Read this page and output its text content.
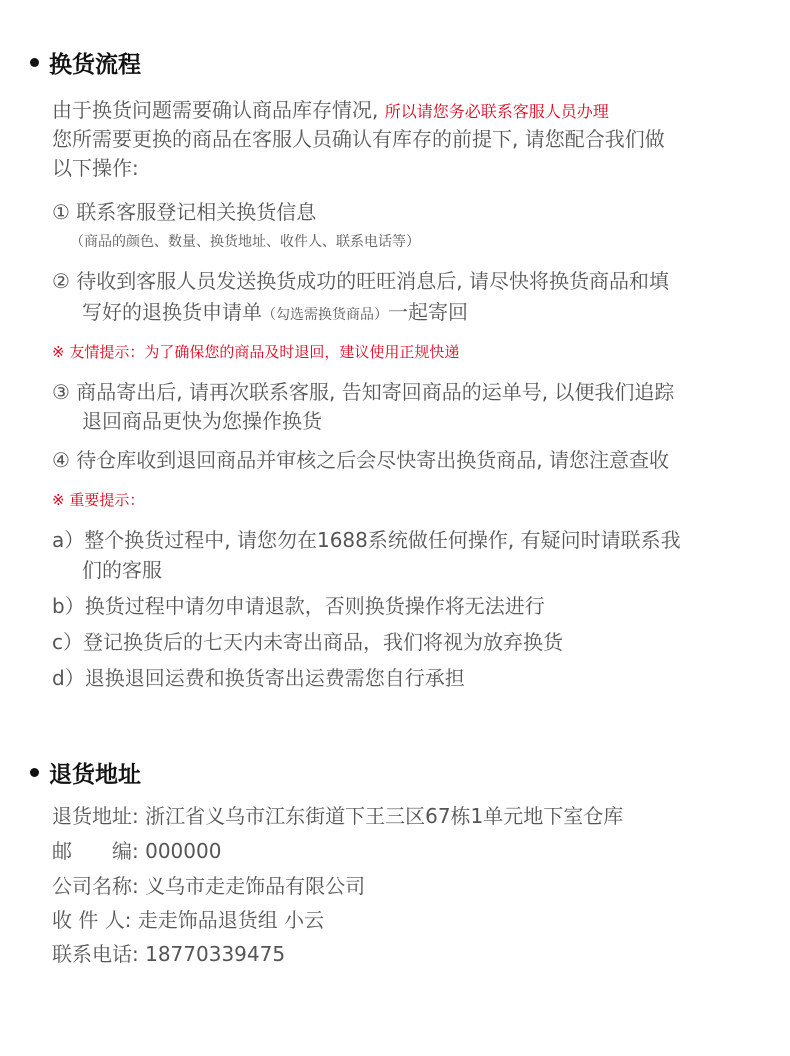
换货流程
由于换货问题需要确认商品库存情况, 所以请您务必联系客服人员办理
您所需要更换的商品在客服人员确认有库存的前提下, 请您配合我们做
以下操作:
① 联系客服登记相关换货信息
（商品的颜色、数量、换货地址、收件人、联系电话等）
② 待收到客服人员发送换货成功的旺旺消息后, 请尽快将换货商品和填
写好的退换货申请单（勾选需换货商品）一起寄回
※ 友情提示：为了确保您的商品及时退回，建议使用正规快递
③ 商品寄出后, 请再次联系客服, 告知寄回商品的运单号, 以便我们追踪
退回商品更快为您操作换货
④ 待仓库收到退回商品并审核之后会尽快寄出换货商品, 请您注意查收
※ 重要提示：
a）整个换货过程中, 请您勿在1688系统做任何操作, 有疑问时请联系我
们的客服
b）换货过程中请勿申请退款，否则换货操作将无法进行
c）登记换货后的七天内未寄出商品，我们将视为放弃换货
d）退换退回运费和换货寄出运费需您自行承担
退货地址
退货地址: 浙江省义乌市江东街道下王三区67栋1单元地下室仓库
邮　　编: 000000
公司名称: 义乌市走走饰品有限公司
收 件 人: 走走饰品退货组 小云
联系电话: 18770339475
